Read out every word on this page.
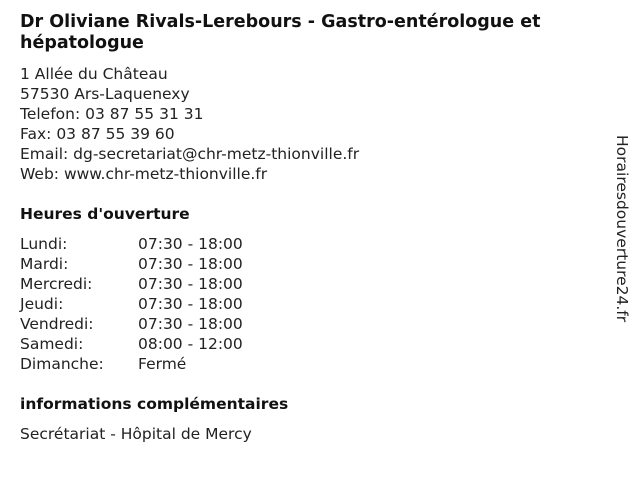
Dr Oliviane Rivals-Lerebours - Gastro-entérologue et hépatologue
1 Allée du Château
57530 Ars-Laquenexy
Telefon: 03 87 55 31 31
Fax: 03 87 55 39 60
Email: dg-secretariat@chr-metz-thionville.fr
Web: www.chr-metz-thionville.fr
Heures d'ouverture
Lundi:	07:30 - 18:00
Mardi:	07:30 - 18:00
Mercredi:	07:30 - 18:00
Jeudi:	07:30 - 18:00
Vendredi:	07:30 - 18:00
Samedi:	08:00 - 12:00
Dimanche:	Fermé
informations complémentaires
Secrétariat - Hôpital de Mercy
Horairesdouverture24.fr
